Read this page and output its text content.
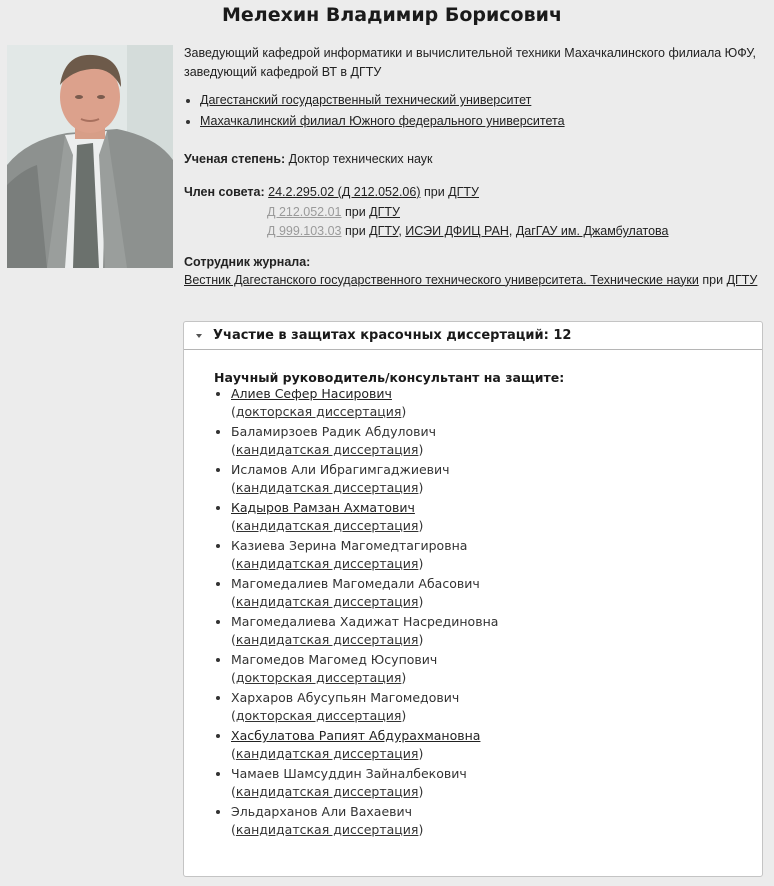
Мелехин Владимир Борисович

Заведующий кафедрой информатики и вычислительной техники Махачкалинского филиала ЮФУ, заведующий кафедрой ВТ в ДГТУ

Дагестанский государственный технический университет
Махачкалинский филиал Южного федерального университета
Ученая степень: Доктор технических наук
Член совета: 24.2.295.02 (Д 212.052.06) при ДГТУ
Д 212.052.01 при ДГТУ
Д 999.103.03 при ДГТУ, ИСЭИ ДФИЦ РАН, ДагГАУ им. Джамбулатова
Сотрудник журнала:
Вестник Дагестанского государственного технического университета. Технические науки при ДГТУ
Участие в защитах красочных диссертаций: 12
Научный руководитель/консультант на защите:
Алиев Сефер Насирович
(докторская диссертация)
Баламирзоев Радик Абдулович
(кандидатская диссертация)
Исламов Али Ибрагимгаджиевич
(кандидатская диссертация)
Кадыров Рамзан Ахматович
(кандидатская диссертация)
Казиева Зерина Магомедтагировна
(кандидатская диссертация)
Магомедалиев Магомедали Абасович
(кандидатская диссертация)
Магомедалиева Хадижат Насрединовна
(кандидатская диссертация)
Магомедов Магомед Юсупович
(докторская диссертация)
Хархаров Абусупьян Магомедович
(докторская диссертация)
Хасбулатова Рапият Абдурахмановна
(кандидатская диссертация)
Чамаев Шамсуддин Зайналбекович
(кандидатская диссертация)
Эльдарханов Али Вахаевич
(кандидатская диссертация)
